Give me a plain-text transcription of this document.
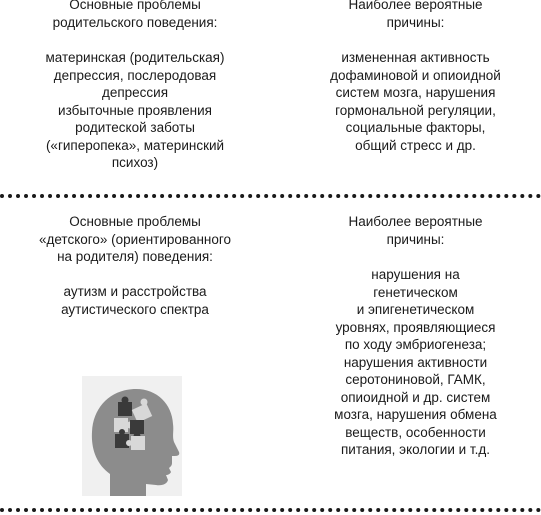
Основные проблемы
родительского поведения:
материнская (родительская)
депрессия, послеродовая
депрессия
избыточные проявления
родитеской заботы
(«гиперопека», материнский
психоз)
Наиболее вероятные
причины:
измененная активность
дофаминовой и опиоидной
систем мозга, нарушения
гормональной регуляции,
социальные факторы,
общий стресс и др.
Основные проблемы
«детского» (ориентированного
на родителя) поведения:
аутизм и расстройства
аутистического спектра
Наиболее вероятные
причины:
нарушения на
генетическом
и эпигенетическом
уровнях, проявляющиеся
по ходу эмбриогенеза;
нарушения активности
серотониновой, ГАМК,
опиоидной и др. систем
мозга, нарушения обмена
веществ, особенности
питания, экологии и т.д.
